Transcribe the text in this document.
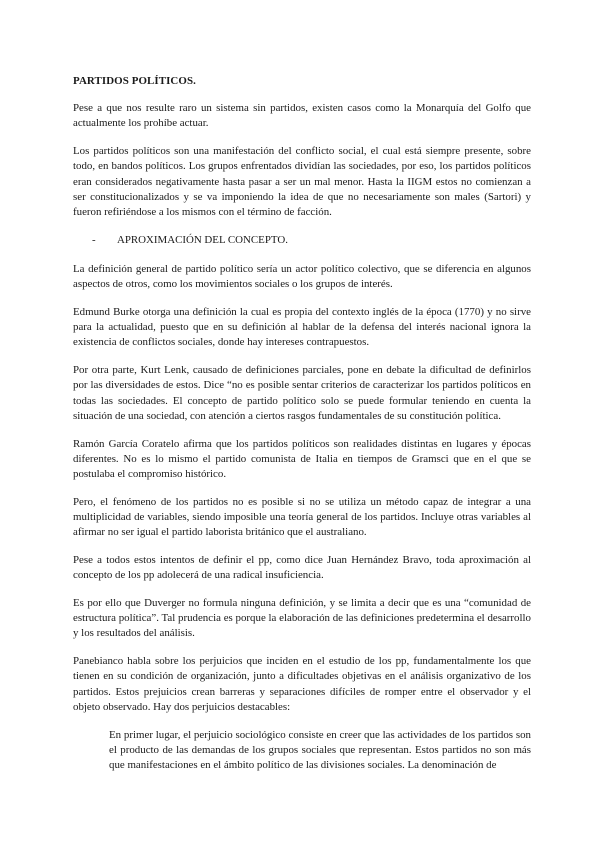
PARTIDOS POLÍTICOS.

Pese a que nos resulte raro un sistema sin partidos, existen casos como la Monarquía del Golfo que actualmente los prohíbe actuar.

Los partidos políticos son una manifestación del conflicto social, el cual está siempre presente, sobre todo, en bandos políticos. Los grupos enfrentados dividían las sociedades, por eso, los partidos políticos eran considerados negativamente hasta pasar a ser un mal menor. Hasta la IIGM estos no comienzan a ser constitucionalizados y se va imponiendo la idea de que no necesariamente son males (Sartori) y fueron refiriéndose a los mismos con el término de facción.

-	APROXIMACIÓN DEL CONCEPTO.

La definición general de partido político sería un actor político colectivo, que se diferencia en algunos aspectos de otros, como los movimientos sociales o los grupos de interés.

Edmund Burke otorga una definición la cual es propia del contexto inglés de la época (1770) y no sirve para la actualidad, puesto que en su definición al hablar de la defensa del interés nacional ignora la existencia de conflictos sociales, donde hay intereses contrapuestos.

Por otra parte, Kurt Lenk, causado de definiciones parciales, pone en debate la dificultad de definirlos por las diversidades de estos. Dice “no es posible sentar criterios de caracterizar los partidos políticos en todas las sociedades. El concepto de partido político solo se puede formular teniendo en cuenta la situación de una sociedad, con atención a ciertos rasgos fundamentales de su constitución política.

Ramón García Coratelo afirma que los partidos políticos son realidades distintas en lugares y épocas diferentes. No es lo mismo el partido comunista de Italia en tiempos de Gramsci que en el que se postulaba el compromiso histórico.

Pero, el fenómeno de los partidos no es posible si no se utiliza un método capaz de integrar a una multiplicidad de variables, siendo imposible una teoría general de los partidos. Incluye otras variables al afirmar no ser igual el partido laborista británico que el australiano.

Pese a todos estos intentos de definir el pp, como dice Juan Hernández Bravo, toda aproximación al concepto de los pp adolecerá de una radical insuficiencia.

Es por ello que Duverger no formula ninguna definición, y se limita a decir que es una “comunidad de estructura política”. Tal prudencia es porque la elaboración de las definiciones predetermina el desarrollo y los resultados del análisis.

Panebianco habla sobre los perjuicios que inciden en el estudio de los pp, fundamentalmente los que tienen en su condición de organización, junto a dificultades objetivas en el análisis organizativo de los partidos. Estos prejuicios crean barreras y separaciones difíciles de romper entre el observador y el objeto observado. Hay dos perjuicios destacables:

En primer lugar, el perjuicio sociológico consiste en creer que las actividades de los partidos son el producto de las demandas de los grupos sociales que representan. Estos partidos no son más que manifestaciones en el ámbito político de las divisiones sociales. La denominación de
